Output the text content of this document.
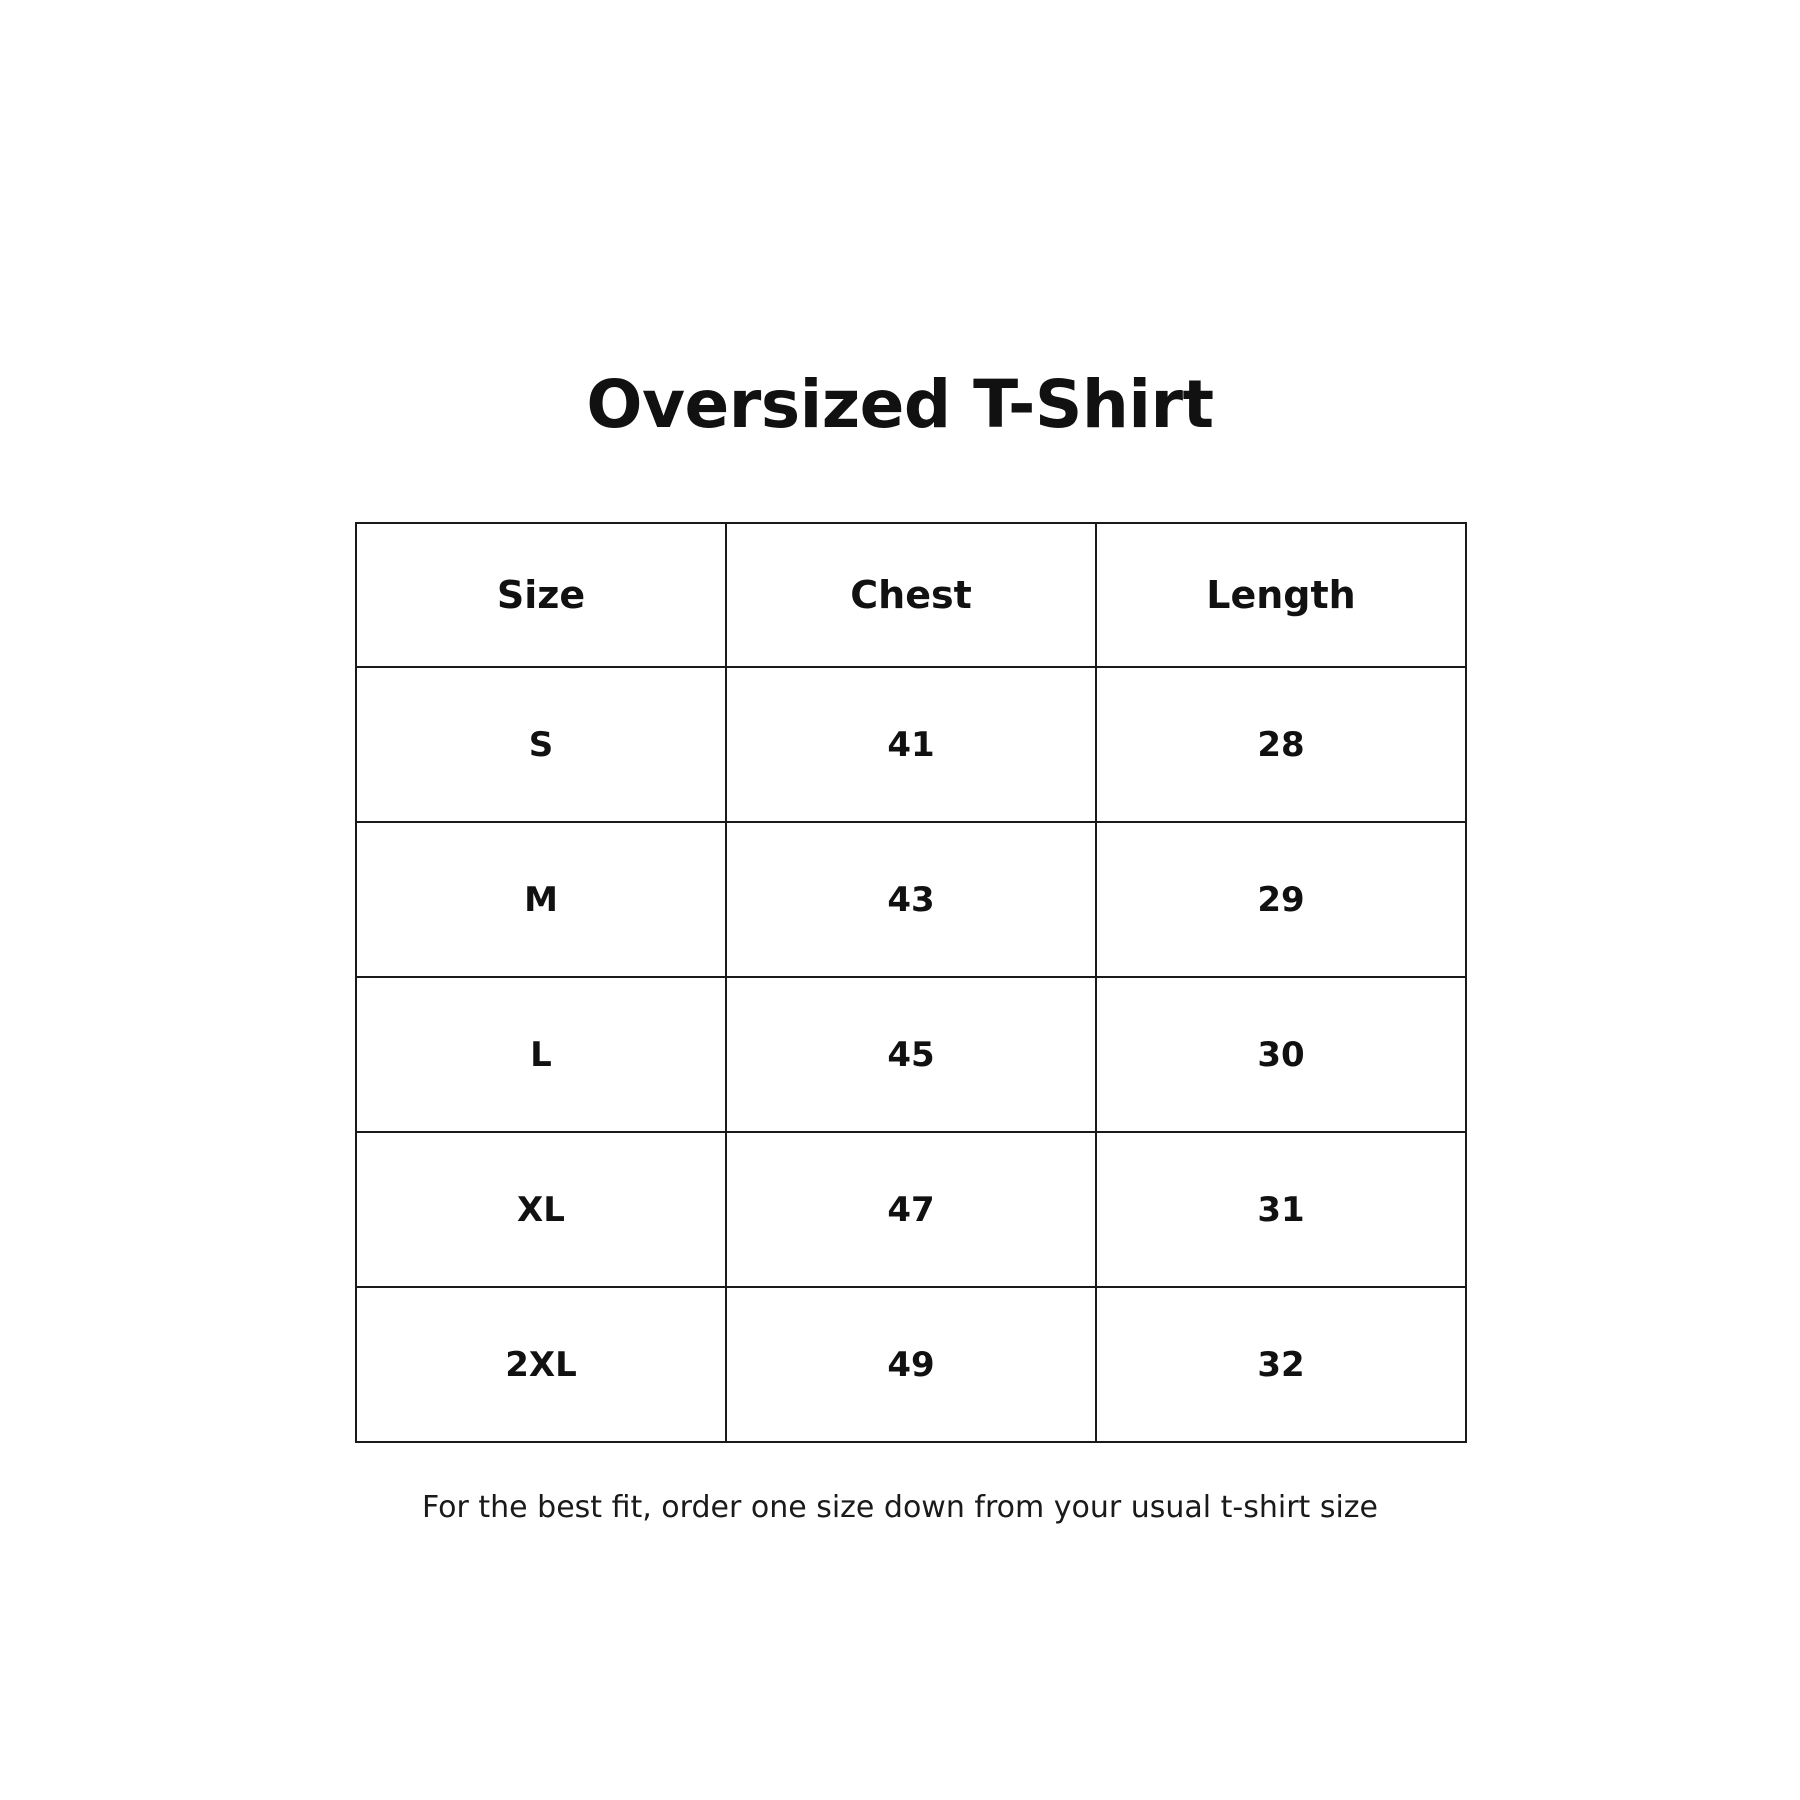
Oversized T-Shirt
Size	Chest	Length
S	41	28
M	43	29
L	45	30
XL	47	31
2XL	49	32
For the best fit, order one size down from your usual t-shirt size
